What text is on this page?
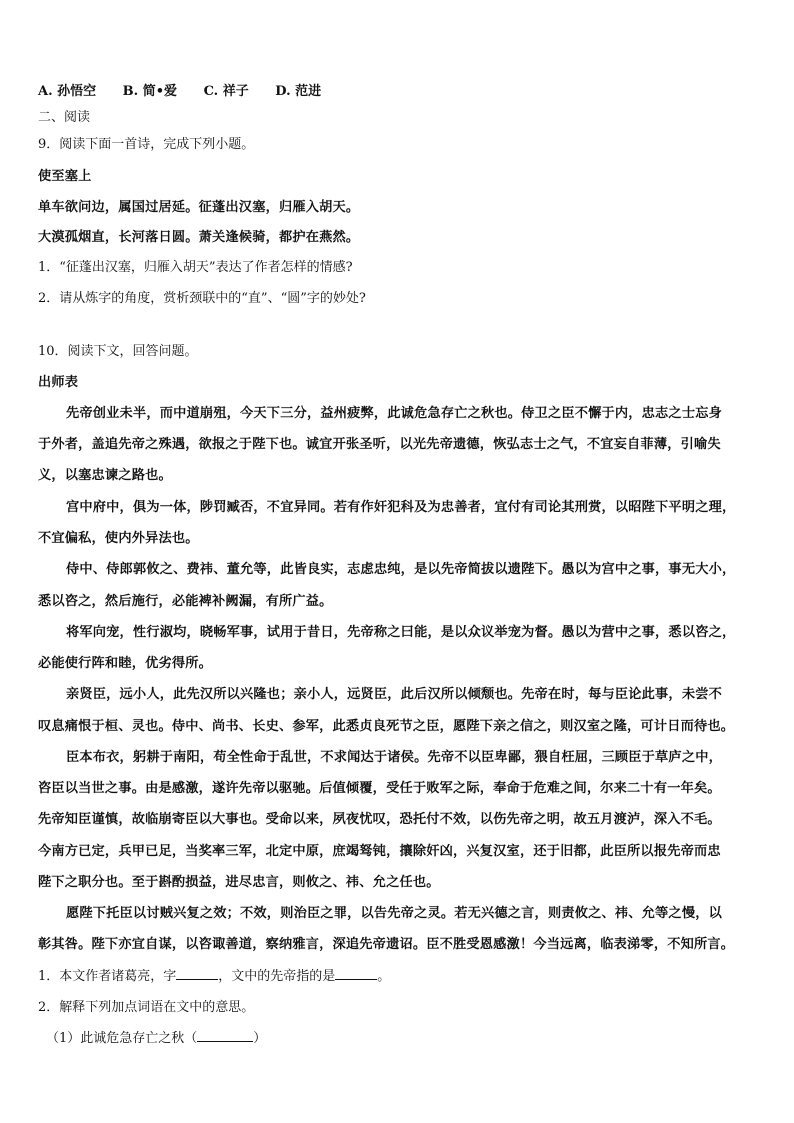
A. 孙悟空 B. 简•爱 C. 祥子 D. 范进
二、阅读
9．阅读下面一首诗，完成下列小题。
使至塞上
单车欲问边，属国过居延。征蓬出汉塞，归雁入胡天。
大漠孤烟直，长河落日圆。萧关逢候骑，都护在燕然。
1．“征蓬出汉塞，归雁入胡天”表达了作者怎样的情感?
2．请从炼字的角度，赏析颈联中的“直”、“圆”字的妙处?
10．阅读下文，回答问题。
出师表
先帝创业未半，而中道崩殂，今天下三分，益州疲弊，此诚危急存亡之秋也。侍卫之臣不懈于内，忠志之士忘身
于外者，盖追先帝之殊遇，欲报之于陛下也。诚宜开张圣听，以光先帝遗德，恢弘志士之气，不宜妄自菲薄，引喻失
义，以塞忠谏之路也。
宫中府中，俱为一体，陟罚臧否，不宜异同。若有作奸犯科及为忠善者，宜付有司论其刑赏，以昭陛下平明之理，
不宜偏私，使内外异法也。
侍中、侍郎郭攸之、费祎、董允等，此皆良实，志虑忠纯，是以先帝简拔以遗陛下。愚以为宫中之事，事无大小，
悉以咨之，然后施行，必能裨补阙漏，有所广益。
将军向宠，性行淑均，晓畅军事，试用于昔日，先帝称之曰能，是以众议举宠为督。愚以为营中之事，悉以咨之，
必能使行阵和睦，优劣得所。
亲贤臣，远小人，此先汉所以兴隆也；亲小人，远贤臣，此后汉所以倾颓也。先帝在时，每与臣论此事，未尝不
叹息痛恨于桓、灵也。侍中、尚书、长史、参军，此悉贞良死节之臣，愿陛下亲之信之，则汉室之隆，可计日而待也。
臣本布衣，躬耕于南阳，苟全性命于乱世，不求闻达于诸侯。先帝不以臣卑鄙，猥自枉屈，三顾臣于草庐之中，
咨臣以当世之事。由是感激，遂许先帝以驱驰。后值倾覆，受任于败军之际，奉命于危难之间，尔来二十有一年矣。
先帝知臣谨慎，故临崩寄臣以大事也。受命以来，夙夜忧叹，恐托付不效，以伤先帝之明，故五月渡泸，深入不毛。
今南方已定，兵甲已足，当奖率三军，北定中原，庶竭驽钝，攘除奸凶，兴复汉室，还于旧都，此臣所以报先帝而忠
陛下之职分也。至于斟酌损益，进尽忠言，则攸之、祎、允之任也。
愿陛下托臣以讨贼兴复之效；不效，则治臣之罪，以告先帝之灵。若无兴德之言，则责攸之、祎、允等之慢，以
彰其咎。陛下亦宜自谋，以咨诹善道，察纳雅言，深追先帝遗诏。臣不胜受恩感激！今当远离，临表涕零，不知所言。
1．本文作者诸葛亮，字	，文中的先帝指的是	。
2．解释下列加点词语在文中的意思。
（1）此诚危急存亡之秋（	）
